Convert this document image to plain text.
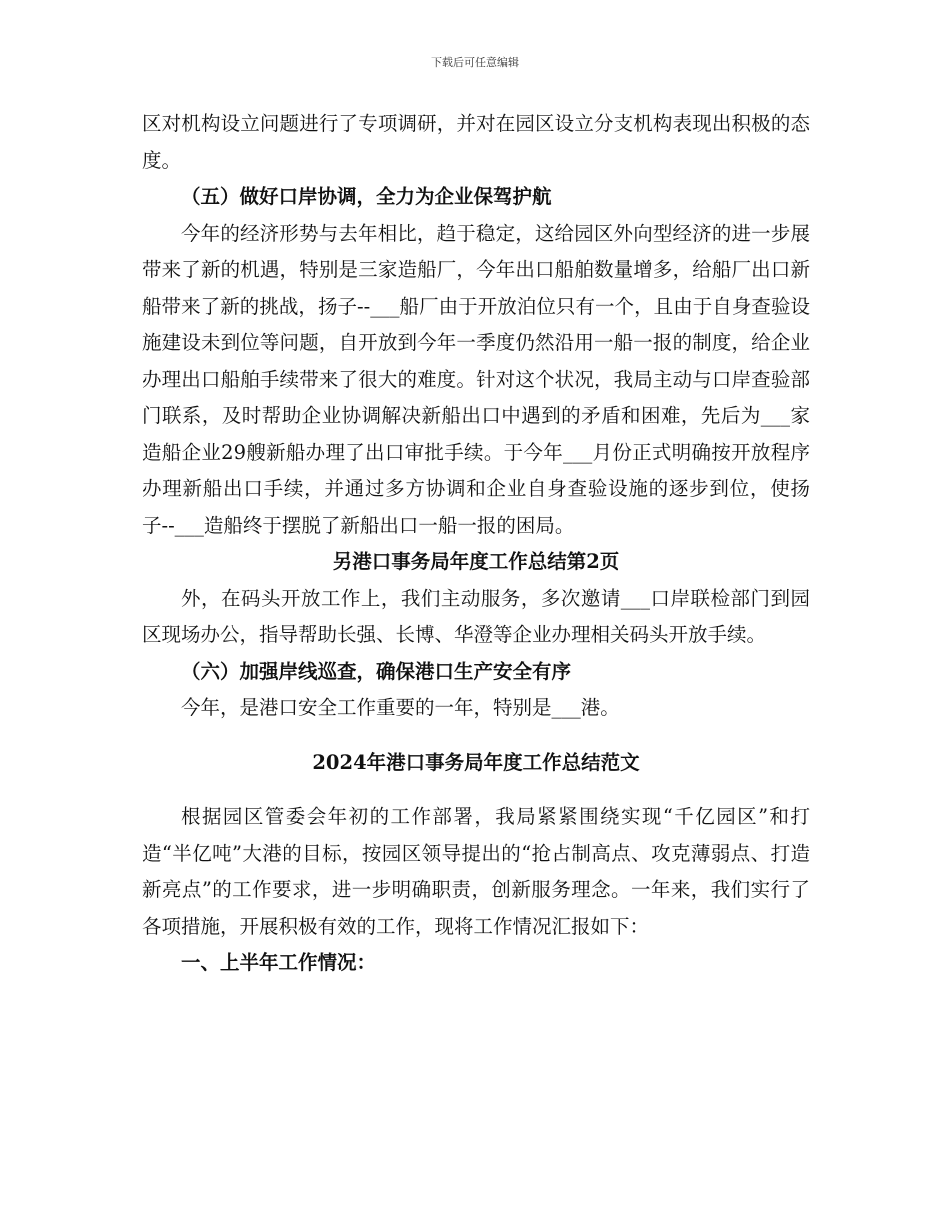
下载后可任意编辑

区对机构设立问题进行了专项调研，并对在园区设立分支机构表现出积极的态度。

（五）做好口岸协调，全力为企业保驾护航

今年的经济形势与去年相比，趋于稳定，这给园区外向型经济的进一步展带来了新的机遇，特别是三家造船厂，今年出口船舶数量增多，给船厂出口新船带来了新的挑战，扬子--___船厂由于开放泊位只有一个，且由于自身查验设施建设未到位等问题，自开放到今年一季度仍然沿用一船一报的制度，给企业办理出口船舶手续带来了很大的难度。针对这个状况，我局主动与口岸查验部门联系，及时帮助企业协调解决新船出口中遇到的矛盾和困难，先后为___家造船企业29艘新船办理了出口审批手续。于今年___月份正式明确按开放程序办理新船出口手续，并通过多方协调和企业自身查验设施的逐步到位，使扬子--___造船终于摆脱了新船出口一船一报的困局。

另港口事务局年度工作总结第2页

外，在码头开放工作上，我们主动服务，多次邀请___口岸联检部门到园区现场办公，指导帮助长强、长博、华澄等企业办理相关码头开放手续。

（六）加强岸线巡查，确保港口生产安全有序

今年，是港口安全工作重要的一年，特别是___港。

2024年港口事务局年度工作总结范文

根据园区管委会年初的工作部署，我局紧紧围绕实现“千亿园区”和打造“半亿吨”大港的目标，按园区领导提出的“抢占制高点、攻克薄弱点、打造新亮点”的工作要求，进一步明确职责，创新服务理念。一年来，我们实行了各项措施，开展积极有效的工作，现将工作情况汇报如下：

一、上半年工作情况：
